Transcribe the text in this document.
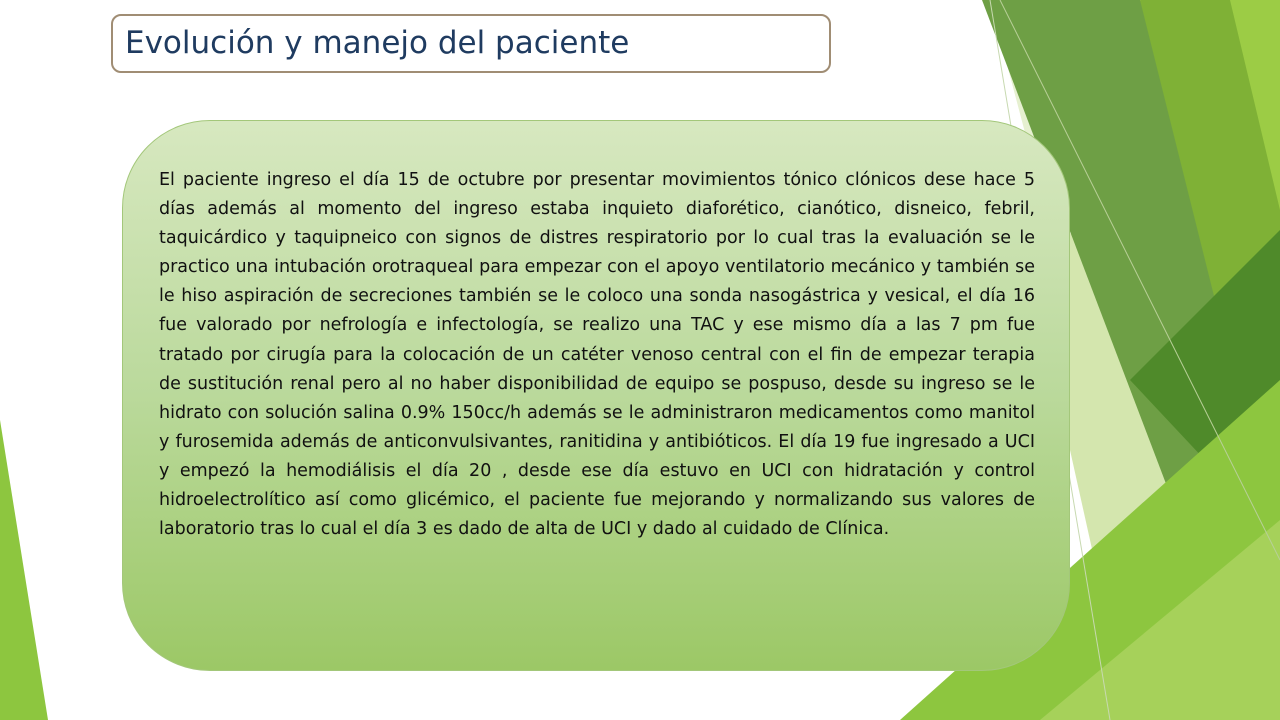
Evolución y manejo del paciente

El paciente ingreso el día 15 de octubre por presentar movimientos tónico clónicos dese hace 5 días además al momento del ingreso estaba inquieto diaforético, cianótico, disneico, febril, taquicárdico y taquipneico con signos de distres respiratorio por lo cual tras la evaluación se le practico una intubación orotraqueal para empezar con el apoyo ventilatorio mecánico y también se le hiso aspiración de secreciones también se le coloco una sonda nasogástrica y vesical, el día 16 fue valorado por nefrología e infectología, se realizo una TAC y ese mismo día a las 7 pm fue tratado por cirugía para la colocación de un catéter venoso central con el fin de empezar terapia de sustitución renal pero al no haber disponibilidad de equipo se pospuso, desde su ingreso se le hidrato con solución salina 0.9% 150cc/h además se le administraron medicamentos como manitol y furosemida además de anticonvulsivantes, ranitidina y antibióticos. El día 19 fue ingresado a UCI y empezó la hemodiálisis el día 20 , desde ese día estuvo en UCI con hidratación y control hidroelectrolítico así como glicémico, el paciente fue mejorando y normalizando sus valores de laboratorio tras lo cual el día 3 es dado de alta de UCI y dado al cuidado de Clínica.
